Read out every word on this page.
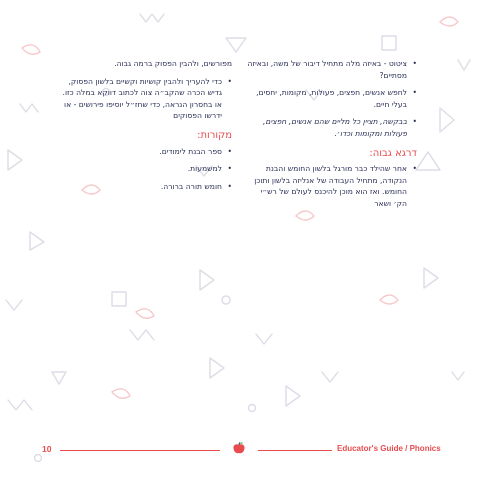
• ציטוט - באיזה מלה מתחיל דיבור של משה, ובאיזה מסתיים?
• לחפש אנשים, חפצים, פעולות, מקומות, יחסים, בעלי חיים.
• בבקשה, תציין כל מליים שהם אנשים, חפצים, פעולות ומקומות וכדו׳.
דרגא גבוה:
• אחר שהילד כבר מורגל בלשון החומש והבנת הנקודה, מתחיל העבודה של אנליזה בלשון ותוכן החומש. ואז הוא מוכן להיכנס לעולם של רש״י הק׳ ושאר

מפורשים, ולהבין הפסוק ברמה גבוה.

• כדי להעריך ולהבין קושיות וקשיים בלשון הפסוק, גדיש הכרה שהקב״ה צוה לכתוב דווקא במלה כזו. או בחסרון הנראה, כדי שחז״ל יוסיפו פירושים - או ידרשו הפסוקים
מקורות:
• ספר הבנת לימודים.
• למשמעות.
• חומש תורה ברורה.
10	Educator's Guide / Phonics
